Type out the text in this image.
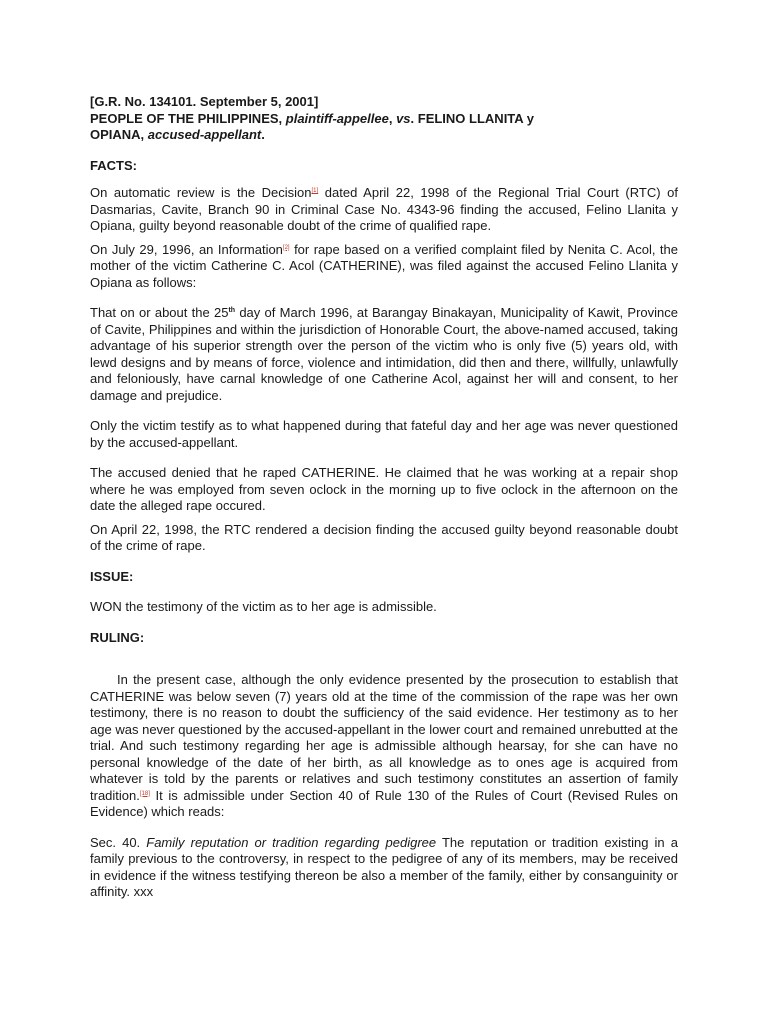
[G.R. No. 134101. September 5, 2001]
PEOPLE OF THE PHILIPPINES, plaintiff-appellee, vs. FELINO LLANITA y
OPIANA, accused-appellant.
FACTS:

On automatic review is the Decision[1] dated April 22, 1998 of the Regional Trial Court (RTC) of Dasmarias, Cavite, Branch 90 in Criminal Case No. 4343-96 finding the accused, Felino Llanita y Opiana, guilty beyond reasonable doubt of the crime of qualified rape.

On July 29, 1996, an Information[2] for rape based on a verified complaint filed by Nenita C. Acol, the mother of the victim Catherine C. Acol (CATHERINE), was filed against the accused Felino Llanita y Opiana as follows:

That on or about the 25th day of March 1996, at Barangay Binakayan, Municipality of Kawit, Province of Cavite, Philippines and within the jurisdiction of Honorable Court, the above-named accused, taking advantage of his superior strength over the person of the victim who is only five (5) years old, with lewd designs and by means of force, violence and intimidation, did then and there, willfully, unlawfully and feloniously, have carnal knowledge of one Catherine Acol, against her will and consent, to her damage and prejudice.

Only the victim testify as to what happened during that fateful day and her age was never questioned by the accused-appellant.

The accused denied that he raped CATHERINE. He claimed that he was working at a repair shop where he was employed from seven oclock in the morning up to five oclock in the afternoon on the date the alleged rape occured.

On April 22, 1998, the RTC rendered a decision finding the accused guilty beyond reasonable doubt of the crime of rape.

ISSUE:

WON the testimony of the victim as to her age is admissible.

RULING:

In the present case, although the only evidence presented by the prosecution to establish that CATHERINE was below seven (7) years old at the time of the commission of the rape was her own testimony, there is no reason to doubt the sufficiency of the said evidence. Her testimony as to her age was never questioned by the accused-appellant in the lower court and remained unrebutted at the trial. And such testimony regarding her age is admissible although hearsay, for she can have no personal knowledge of the date of her birth, as all knowledge as to ones age is acquired from whatever is told by the parents or relatives and such testimony constitutes an assertion of family tradition.[18] It is admissible under Section 40 of Rule 130 of the Rules of Court (Revised Rules on Evidence) which reads:

Sec. 40. Family reputation or tradition regarding pedigree The reputation or tradition existing in a family previous to the controversy, in respect to the pedigree of any of its members, may be received in evidence if the witness testifying thereon be also a member of the family, either by consanguinity or affinity. xxx
